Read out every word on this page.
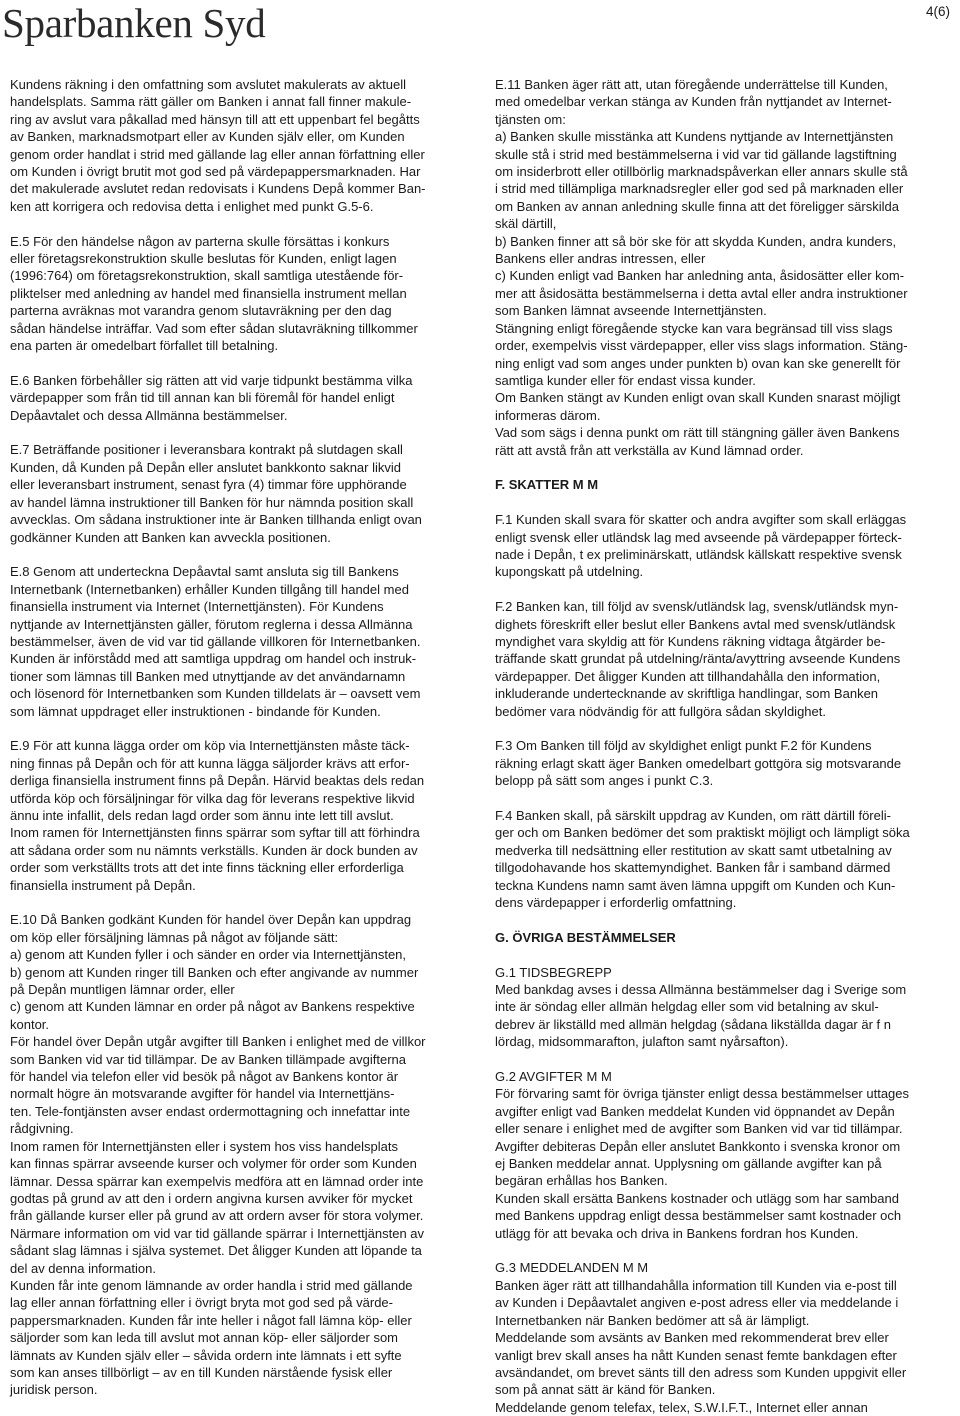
Sparbanken Syd	4(6)
Kundens räkning i den omfattning som avslutet makulerats av aktuell
handelsplats. Samma rätt gäller om Banken i annat fall finner makule-
ring av avslut vara påkallad med hänsyn till att ett uppenbart fel begåtts
av Banken, marknadsmotpart eller av Kunden själv eller, om Kunden
genom order handlat i strid med gällande lag eller annan författning eller
om Kunden i övrigt brutit mot god sed på värdepappersmarknaden. Har
det makulerade avslutet redan redovisats i Kundens Depå kommer Ban-
ken att korrigera och redovisa detta i enlighet med punkt G.5-6.
E.5 För den händelse någon av parterna skulle försättas i konkurs
eller företagsrekonstruktion skulle beslutas för Kunden, enligt lagen
(1996:764) om företagsrekonstruktion, skall samtliga utestående för-
pliktelser med anledning av handel med finansiella instrument mellan
parterna avräknas mot varandra genom slutavräkning per den dag
sådan händelse inträffar. Vad som efter sådan slutavräkning tillkommer
ena parten är omedelbart förfallet till betalning.
E.6 Banken förbehåller sig rätten att vid varje tidpunkt bestämma vilka
värdepapper som från tid till annan kan bli föremål för handel enligt
Depåavtalet och dessa Allmänna bestämmelser.
E.7 Beträffande positioner i leveransbara kontrakt på slutdagen skall
Kunden, då Kunden på Depån eller anslutet bankkonto saknar likvid
eller leveransbart instrument, senast fyra (4) timmar före upphörande
av handel lämna instruktioner till Banken för hur nämnda position skall
avvecklas. Om sådana instruktioner inte är Banken tillhanda enligt ovan
godkänner Kunden att Banken kan avveckla positionen.
E.8 Genom att underteckna Depåavtal samt ansluta sig till Bankens
Internetbank (Internetbanken) erhåller Kunden tillgång till handel med
finansiella instrument via Internet (Internettjänsten). För Kundens
nyttjande av Internettjänsten gäller, förutom reglerna i dessa Allmänna
bestämmelser, även de vid var tid gällande villkoren för Internetbanken.
Kunden är införstådd med att samtliga uppdrag om handel och instruk-
tioner som lämnas till Banken med utnyttjande av det användarnamn
och lösenord för Internetbanken som Kunden tilldelats är – oavsett vem
som lämnat uppdraget eller instruktionen - bindande för Kunden.
E.9 För att kunna lägga order om köp via Internettjänsten måste täck-
ning finnas på Depån och för att kunna lägga säljorder krävs att erfor-
derliga finansiella instrument finns på Depån. Härvid beaktas dels redan
utförda köp och försäljningar för vilka dag för leverans respektive likvid
ännu inte infallit, dels redan lagd order som ännu inte lett till avslut.
Inom ramen för Internettjänsten finns spärrar som syftar till att förhindra
att sådana order som nu nämnts verkställs. Kunden är dock bunden av
order som verkställts trots att det inte finns täckning eller erforderliga
finansiella instrument på Depån.
E.10 Då Banken godkänt Kunden för handel över Depån kan uppdrag
om köp eller försäljning lämnas på något av följande sätt:
a) genom att Kunden fyller i och sänder en order via Internettjänsten,
b) genom att Kunden ringer till Banken och efter angivande av nummer
på Depån muntligen lämnar order, eller
c) genom att Kunden lämnar en order på något av Bankens respektive
kontor.
För handel över Depån utgår avgifter till Banken i enlighet med de villkor
som Banken vid var tid tillämpar. De av Banken tillämpade avgifterna
för handel via telefon eller vid besök på något av Bankens kontor är
normalt högre än motsvarande avgifter för handel via Internettjäns-
ten. Tele-fontjänsten avser endast ordermottagning och innefattar inte
rådgivning.
Inom ramen för Internettjänsten eller i system hos viss handelsplats
kan finnas spärrar avseende kurser och volymer för order som Kunden
lämnar. Dessa spärrar kan exempelvis medföra att en lämnad order inte
godtas på grund av att den i ordern angivna kursen avviker för mycket
från gällande kurser eller på grund av att ordern avser för stora volymer.
Närmare information om vid var tid gällande spärrar i Internettjänsten av
sådant slag lämnas i själva systemet. Det åligger Kunden att löpande ta
del av denna information.
Kunden får inte genom lämnande av order handla i strid med gällande
lag eller annan författning eller i övrigt bryta mot god sed på värde-
pappersmarknaden. Kunden får inte heller i något fall lämna köp- eller
säljorder som kan leda till avslut mot annan köp- eller säljorder som
lämnats av Kunden själv eller – såvida ordern inte lämnats i ett syfte
som kan anses tillbörligt – av en till Kunden närstående fysisk eller
juridisk person.
E.11 Banken äger rätt att, utan föregående underrättelse till Kunden,
med omedelbar verkan stänga av Kunden från nyttjandet av Internet-
tjänsten om:
a) Banken skulle misstänka att Kundens nyttjande av Internettjänsten
skulle stå i strid med bestämmelserna i vid var tid gällande lagstiftning
om insiderbrott eller otillbörlig marknadspåverkan eller annars skulle stå
i strid med tillämpliga marknadsregler eller god sed på marknaden eller
om Banken av annan anledning skulle finna att det föreligger särskilda
skäl därtill,
b) Banken finner att så bör ske för att skydda Kunden, andra kunders,
Bankens eller andras intressen, eller
c) Kunden enligt vad Banken har anledning anta, åsidosätter eller kom-
mer att åsidosätta bestämmelserna i detta avtal eller andra instruktioner
som Banken lämnat avseende Internettjänsten.
Stängning enligt föregående stycke kan vara begränsad till viss slags
order, exempelvis visst värdepapper, eller viss slags information. Stäng-
ning enligt vad som anges under punkten b) ovan kan ske generellt för
samtliga kunder eller för endast vissa kunder.
Om Banken stängt av Kunden enligt ovan skall Kunden snarast möjligt
informeras därom.
Vad som sägs i denna punkt om rätt till stängning gäller även Bankens
rätt att avstå från att verkställa av Kund lämnad order.
F. SKATTER M M
F.1 Kunden skall svara för skatter och andra avgifter som skall erläggas
enligt svensk eller utländsk lag med avseende på värdepapper förteck-
nade i Depån, t ex preliminärskatt, utländsk källskatt respektive svensk
kupongskatt på utdelning.
F.2 Banken kan, till följd av svensk/utländsk lag, svensk/utländsk myn-
dighets föreskrift eller beslut eller Bankens avtal med svensk/utländsk
myndighet vara skyldig att för Kundens räkning vidtaga åtgärder be-
träffande skatt grundat på utdelning/ränta/avyttring avseende Kundens
värdepapper. Det åligger Kunden att tillhandahålla den information,
inkluderande undertecknande av skriftliga handlingar, som Banken
bedömer vara nödvändig för att fullgöra sådan skyldighet.
F.3 Om Banken till följd av skyldighet enligt punkt F.2 för Kundens
räkning erlagt skatt äger Banken omedelbart gottgöra sig motsvarande
belopp på sätt som anges i punkt C.3.
F.4 Banken skall, på särskilt uppdrag av Kunden, om rätt därtill föreli-
ger och om Banken bedömer det som praktiskt möjligt och lämpligt söka
medverka till nedsättning eller restitution av skatt samt utbetalning av
tillgodohavande hos skattemyndighet. Banken får i samband därmed
teckna Kundens namn samt även lämna uppgift om Kunden och Kun-
dens värdepapper i erforderlig omfattning.
G. ÖVRIGA BESTÄMMELSER
G.1 TIDSBEGREPP
Med bankdag avses i dessa Allmänna bestämmelser dag i Sverige som
inte är söndag eller allmän helgdag eller som vid betalning av skul-
debrev är likställd med allmän helgdag (sådana likställda dagar är f n
lördag, midsommarafton, julafton samt nyårsafton).
G.2 AVGIFTER M M
För förvaring samt för övriga tjänster enligt dessa bestämmelser uttages
avgifter enligt vad Banken meddelat Kunden vid öppnandet av Depån
eller senare i enlighet med de avgifter som Banken vid var tid tillämpar.
Avgifter debiteras Depån eller anslutet Bankkonto i svenska kronor om
ej Banken meddelar annat. Upplysning om gällande avgifter kan på
begäran erhållas hos Banken.
Kunden skall ersätta Bankens kostnader och utlägg som har samband
med Bankens uppdrag enligt dessa bestämmelser samt kostnader och
utlägg för att bevaka och driva in Bankens fordran hos Kunden.
G.3 MEDDELANDEN M M
Banken äger rätt att tillhandahålla information till Kunden via e-post till
av Kunden i Depåavtalet angiven e-post adress eller via meddelande i
Internetbanken när Banken bedömer att så är lämpligt.
Meddelande som avsänts av Banken med rekommenderat brev eller
vanligt brev skall anses ha nått Kunden senast femte bankdagen efter
avsändandet, om brevet sänts till den adress som Kunden uppgivit eller
som på annat sätt är känd för Banken.
Meddelande genom telefax, telex, S.W.I.F.T., Internet eller annan
